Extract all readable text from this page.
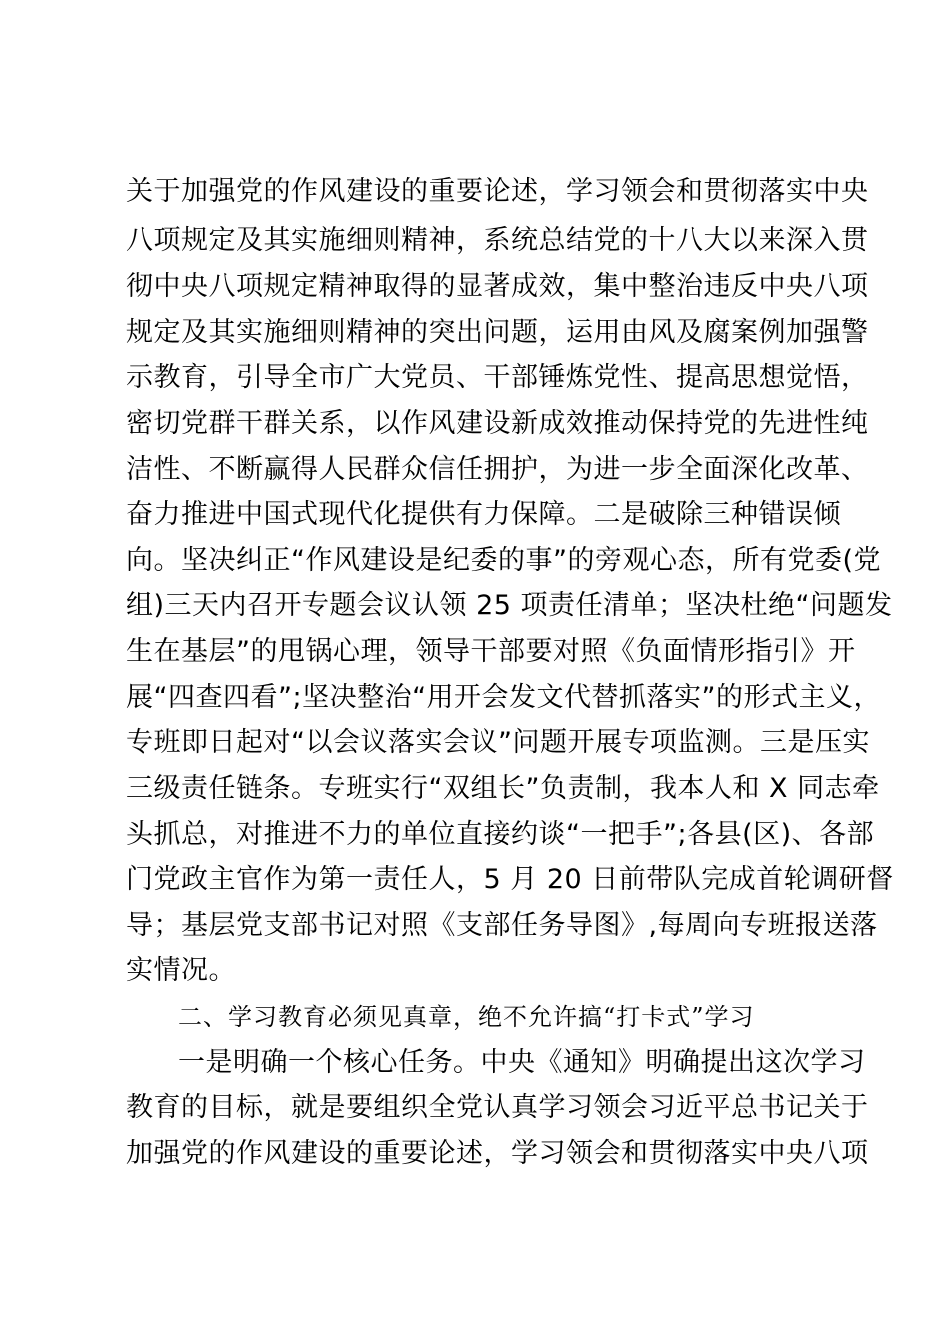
关于加强党的作风建设的重要论述，学习领会和贯彻落实中央
八项规定及其实施细则精神，系统总结党的十八大以来深入贯
彻中央八项规定精神取得的显著成效，集中整治违反中央八项
规定及其实施细则精神的突出问题，运用由风及腐案例加强警
示教育，引导全市广大党员、干部锤炼党性、提高思想觉悟，
密切党群干群关系，以作风建设新成效推动保持党的先进性纯
洁性、不断赢得人民群众信任拥护，为进一步全面深化改革、
奋力推进中国式现代化提供有力保障。二是破除三种错误倾
向。坚决纠正“作风建设是纪委的事”的旁观心态，所有党委(党
组)三天内召开专题会议认领 25 项责任清单；坚决杜绝“问题发
生在基层”的甩锅心理，领导干部要对照《负面情形指引》开
展“四查四看”;坚决整治“用开会发文代替抓落实”的形式主义，
专班即日起对“以会议落实会议”问题开展专项监测。三是压实
三级责任链条。专班实行“双组长”负责制，我本人和 X 同志牵
头抓总，对推进不力的单位直接约谈“一把手”;各县(区)、各部
门党政主官作为第一责任人，5 月 20 日前带队完成首轮调研督
导；基层党支部书记对照《支部任务导图》,每周向专班报送落
实情况。
二、学习教育必须见真章，绝不允许搞“打卡式”学习
一是明确一个核心任务。中央《通知》明确提出这次学习
教育的目标，就是要组织全党认真学习领会习近平总书记关于
加强党的作风建设的重要论述，学习领会和贯彻落实中央八项
